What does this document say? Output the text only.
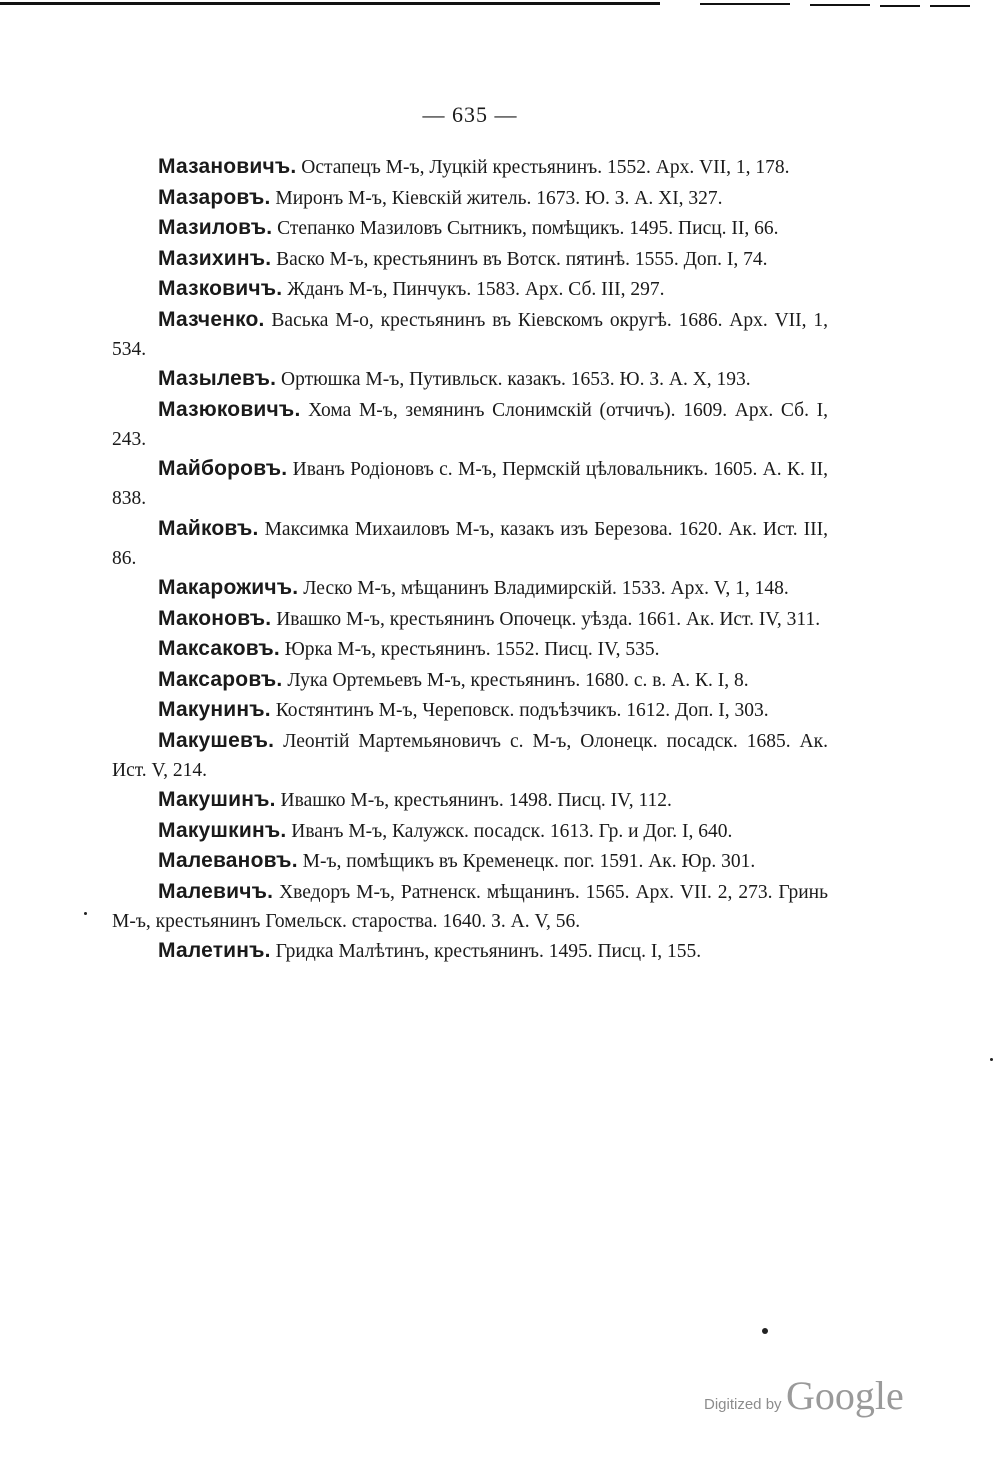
— 635 —

Мазановичъ. Остапецъ М-ъ, Луцкій крестьянинъ. 1552. Арх. VII, 1, 178.

Мазаровъ. Миронъ М-ъ, Кіевскій житель. 1673. Ю. З. А. XI, 327.

Мазиловъ. Степанко Мазиловъ Сытникъ, помѣщикъ. 1495. Писц. II, 66.

Мазихинъ. Васко М-ъ, крестьянинъ въ Вотск. пятинѣ. 1555. Доп. I, 74.

Мазковичъ. Жданъ М-ъ, Пинчукъ. 1583. Арх. Сб. III, 297.

Мазченко. Васька М-о, крестьянинъ въ Кіевскомъ округѣ. 1686. Арх. VII, 1, 534.

Мазылевъ. Ортюшка М-ъ, Путивльск. казакъ. 1653. Ю. З. А. X, 193.

Мазюковичъ. Хома М-ъ, земянинъ Слонимскій (отчичъ). 1609. Арх. Сб. I, 243.

Майборовъ. Иванъ Родіоновъ с. М-ъ, Пермскій цѣловальникъ. 1605. А. К. II, 838.

Майковъ. Максимка Михаиловъ М-ъ, казакъ изъ Березова. 1620. Ак. Ист. III, 86.

Макарожичъ. Леско М-ъ, мѣщанинъ Владимирскій. 1533. Арх. V, 1, 148.

Маконовъ. Ивашко М-ъ, крестьянинъ Опочецк. уѣзда. 1661. Ак. Ист. IV, 311.

Максаковъ. Юрка М-ъ, крестьянинъ. 1552. Писц. IV, 535.

Максаровъ. Лука Ортемьевъ М-ъ, крестьянинъ. 1680. с. в. А. К. I, 8.

Макунинъ. Костянтинъ М-ъ, Череповск. подъѣзчикъ. 1612. Доп. I, 303.

Макушевъ. Леонтій Мартемьяновичъ с. М-ъ, Олонецк. посадск. 1685. Ак. Ист. V, 214.

Макушинъ. Ивашко М-ъ, крестьянинъ. 1498. Писц. IV, 112.

Макушкинъ. Иванъ М-ъ, Калужск. посадск. 1613. Гр. и Дог. I, 640.

Малевановъ. М-ъ, помѣщикъ въ Кременецк. пог. 1591. Ак. Юр. 301.

Малевичъ. Хведоръ М-ъ, Ратненск. мѣщанинъ. 1565. Арх. VII. 2, 273. Гринь М-ъ, крестьянинъ Гомельск. староства. 1640. З. А. V, 56.

Малетинъ. Гридка Малѣтинъ, крестьянинъ. 1495. Писц. I, 155.

Digitized by Google
